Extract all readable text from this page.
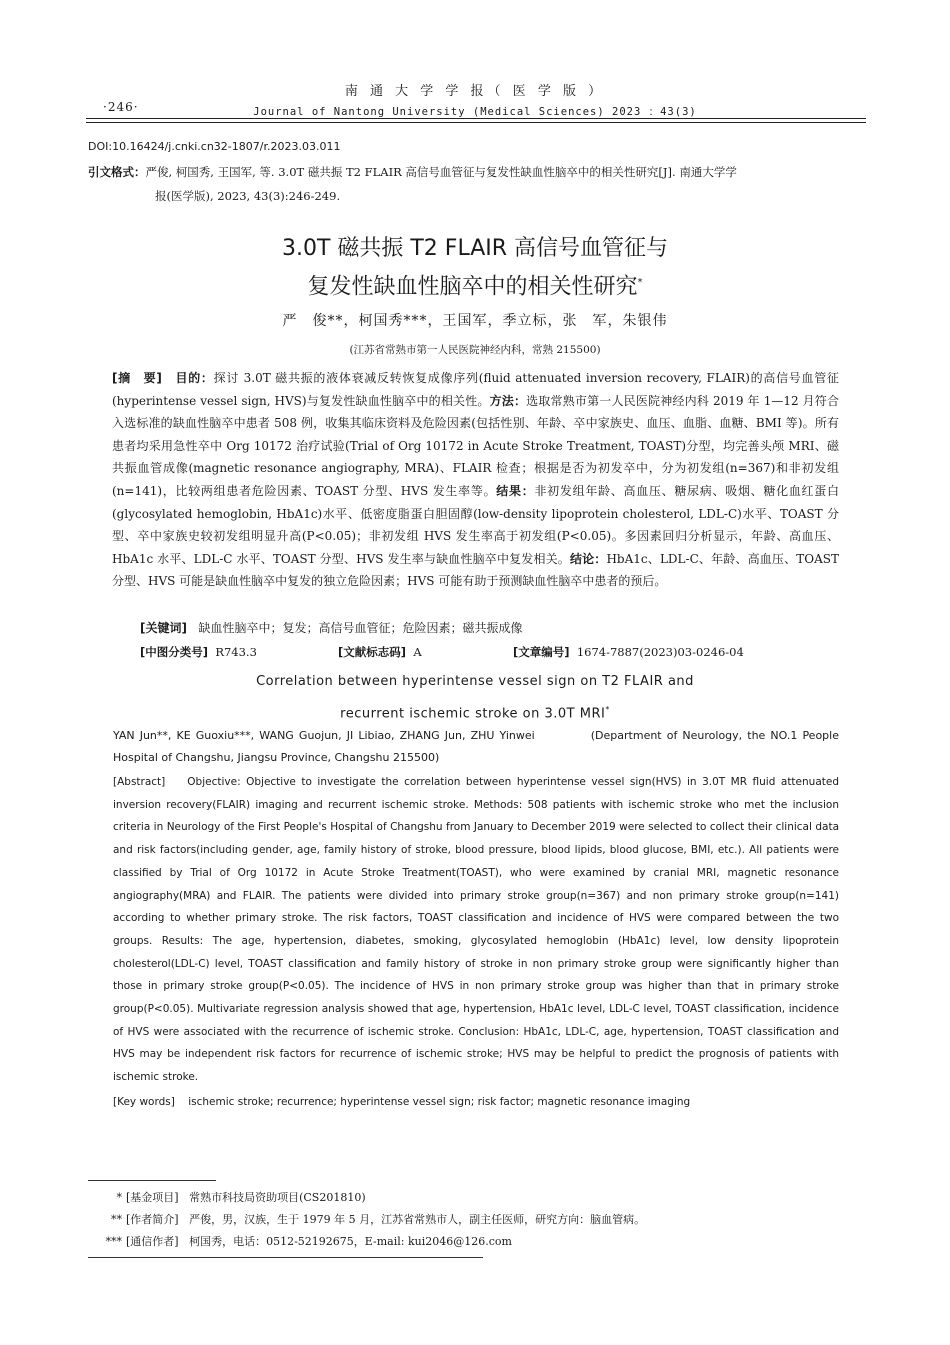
南 通 大 学 学 报（ 医 学 版 ）
·246·	Journal of Nantong University (Medical Sciences) 2023 ：43(3)
DOI:10.16424/j.cnki.cn32-1807/r.2023.03.011
引文格式：严俊, 柯国秀, 王国军, 等. 3.0T 磁共振 T2 FLAIR 高信号血管征与复发性缺血性脑卒中的相关性研究[J]. 南通大学学
报(医学版), 2023, 43(3):246-249.
3.0T 磁共振 T2 FLAIR 高信号血管征与
复发性缺血性脑卒中的相关性研究*
严　俊**，柯国秀***，王国军，季立标，张　军，朱银伟
(江苏省常熟市第一人民医院神经内科，常熟 215500)
[摘　要] 目的：探讨 3.0T 磁共振的液体衰减反转恢复成像序列(fluid attenuated inversion recovery, FLAIR)的高信号血管征(hyperintense vessel sign, HVS)与复发性缺血性脑卒中的相关性。方法：选取常熟市第一人民医院神经内科 2019 年 1—12 月符合入选标准的缺血性脑卒中患者 508 例，收集其临床资料及危险因素(包括性别、年龄、卒中家族史、血压、血脂、血糖、BMI 等)。所有患者均采用急性卒中 Org 10172 治疗试验(Trial of Org 10172 in Acute Stroke Treatment, TOAST)分型，均完善头颅 MRI、磁共振血管成像(magnetic resonance angiography, MRA)、FLAIR 检查；根据是否为初发卒中，分为初发组(n=367)和非初发组(n=141)，比较两组患者危险因素、TOAST 分型、HVS 发生率等。结果：非初发组年龄、高血压、糖尿病、吸烟、糖化血红蛋白(glycosylated hemoglobin, HbA1c)水平、低密度脂蛋白胆固醇(low-density lipoprotein cholesterol, LDL-C)水平、TOAST 分型、卒中家族史较初发组明显升高(P<0.05)；非初发组 HVS 发生率高于初发组(P<0.05)。多因素回归分析显示，年龄、高血压、HbA1c 水平、LDL-C 水平、TOAST 分型、HVS 发生率与缺血性脑卒中复发相关。结论：HbA1c、LDL-C、年龄、高血压、TOAST 分型、HVS 可能是缺血性脑卒中复发的独立危险因素；HVS 可能有助于预测缺血性脑卒中患者的预后。
[关键词] 缺血性脑卒中；复发；高信号血管征；危险因素；磁共振成像
[中图分类号] R743.3	[文献标志码] A	[文章编号] 1674-7887(2023)03-0246-04
Correlation between hyperintense vessel sign on T2 FLAIR and
recurrent ischemic stroke on 3.0T MRI*
YAN Jun**, KE Guoxiu***, WANG Guojun, JI Libiao, ZHANG Jun, ZHU Yinwei	(Department of Neurology, the NO.1 People Hospital of Changshu, Jiangsu Province, Changshu 215500)
[Abstract] Objective: Objective to investigate the correlation between hyperintense vessel sign(HVS) in 3.0T MR fluid attenuated inversion recovery(FLAIR) imaging and recurrent ischemic stroke. Methods: 508 patients with ischemic stroke who met the inclusion criteria in Neurology of the First People's Hospital of Changshu from January to December 2019 were selected to collect their clinical data and risk factors(including gender, age, family history of stroke, blood pressure, blood lipids, blood glucose, BMI, etc.). All patients were classified by Trial of Org 10172 in Acute Stroke Treatment(TOAST), who were examined by cranial MRI, magnetic resonance angiography(MRA) and FLAIR. The patients were divided into primary stroke group(n=367) and non primary stroke group(n=141) according to whether primary stroke. The risk factors, TOAST classification and incidence of HVS were compared between the two groups. Results: The age, hypertension, diabetes, smoking, glycosylated hemoglobin (HbA1c) level, low density lipoprotein cholesterol(LDL-C) level, TOAST classification and family history of stroke in non primary stroke group were significantly higher than those in primary stroke group(P<0.05). The incidence of HVS in non primary stroke group was higher than that in primary stroke group(P<0.05). Multivariate regression analysis showed that age, hypertension, HbA1c level, LDL-C level, TOAST classification, incidence of HVS were associated with the recurrence of ischemic stroke. Conclusion: HbA1c, LDL-C, age, hypertension, TOAST classification and HVS may be independent risk factors for recurrence of ischemic stroke; HVS may be helpful to predict the prognosis of patients with ischemic stroke.
[Key words] ischemic stroke; recurrence; hyperintense vessel sign; risk factor; magnetic resonance imaging
* [基金项目] 常熟市科技局资助项目(CS201810)
** [作者简介] 严俊，男，汉族，生于 1979 年 5 月，江苏省常熟市人，副主任医师，研究方向：脑血管病。
*** [通信作者] 柯国秀，电话：0512-52192675，E-mail: kui2046@126.com
